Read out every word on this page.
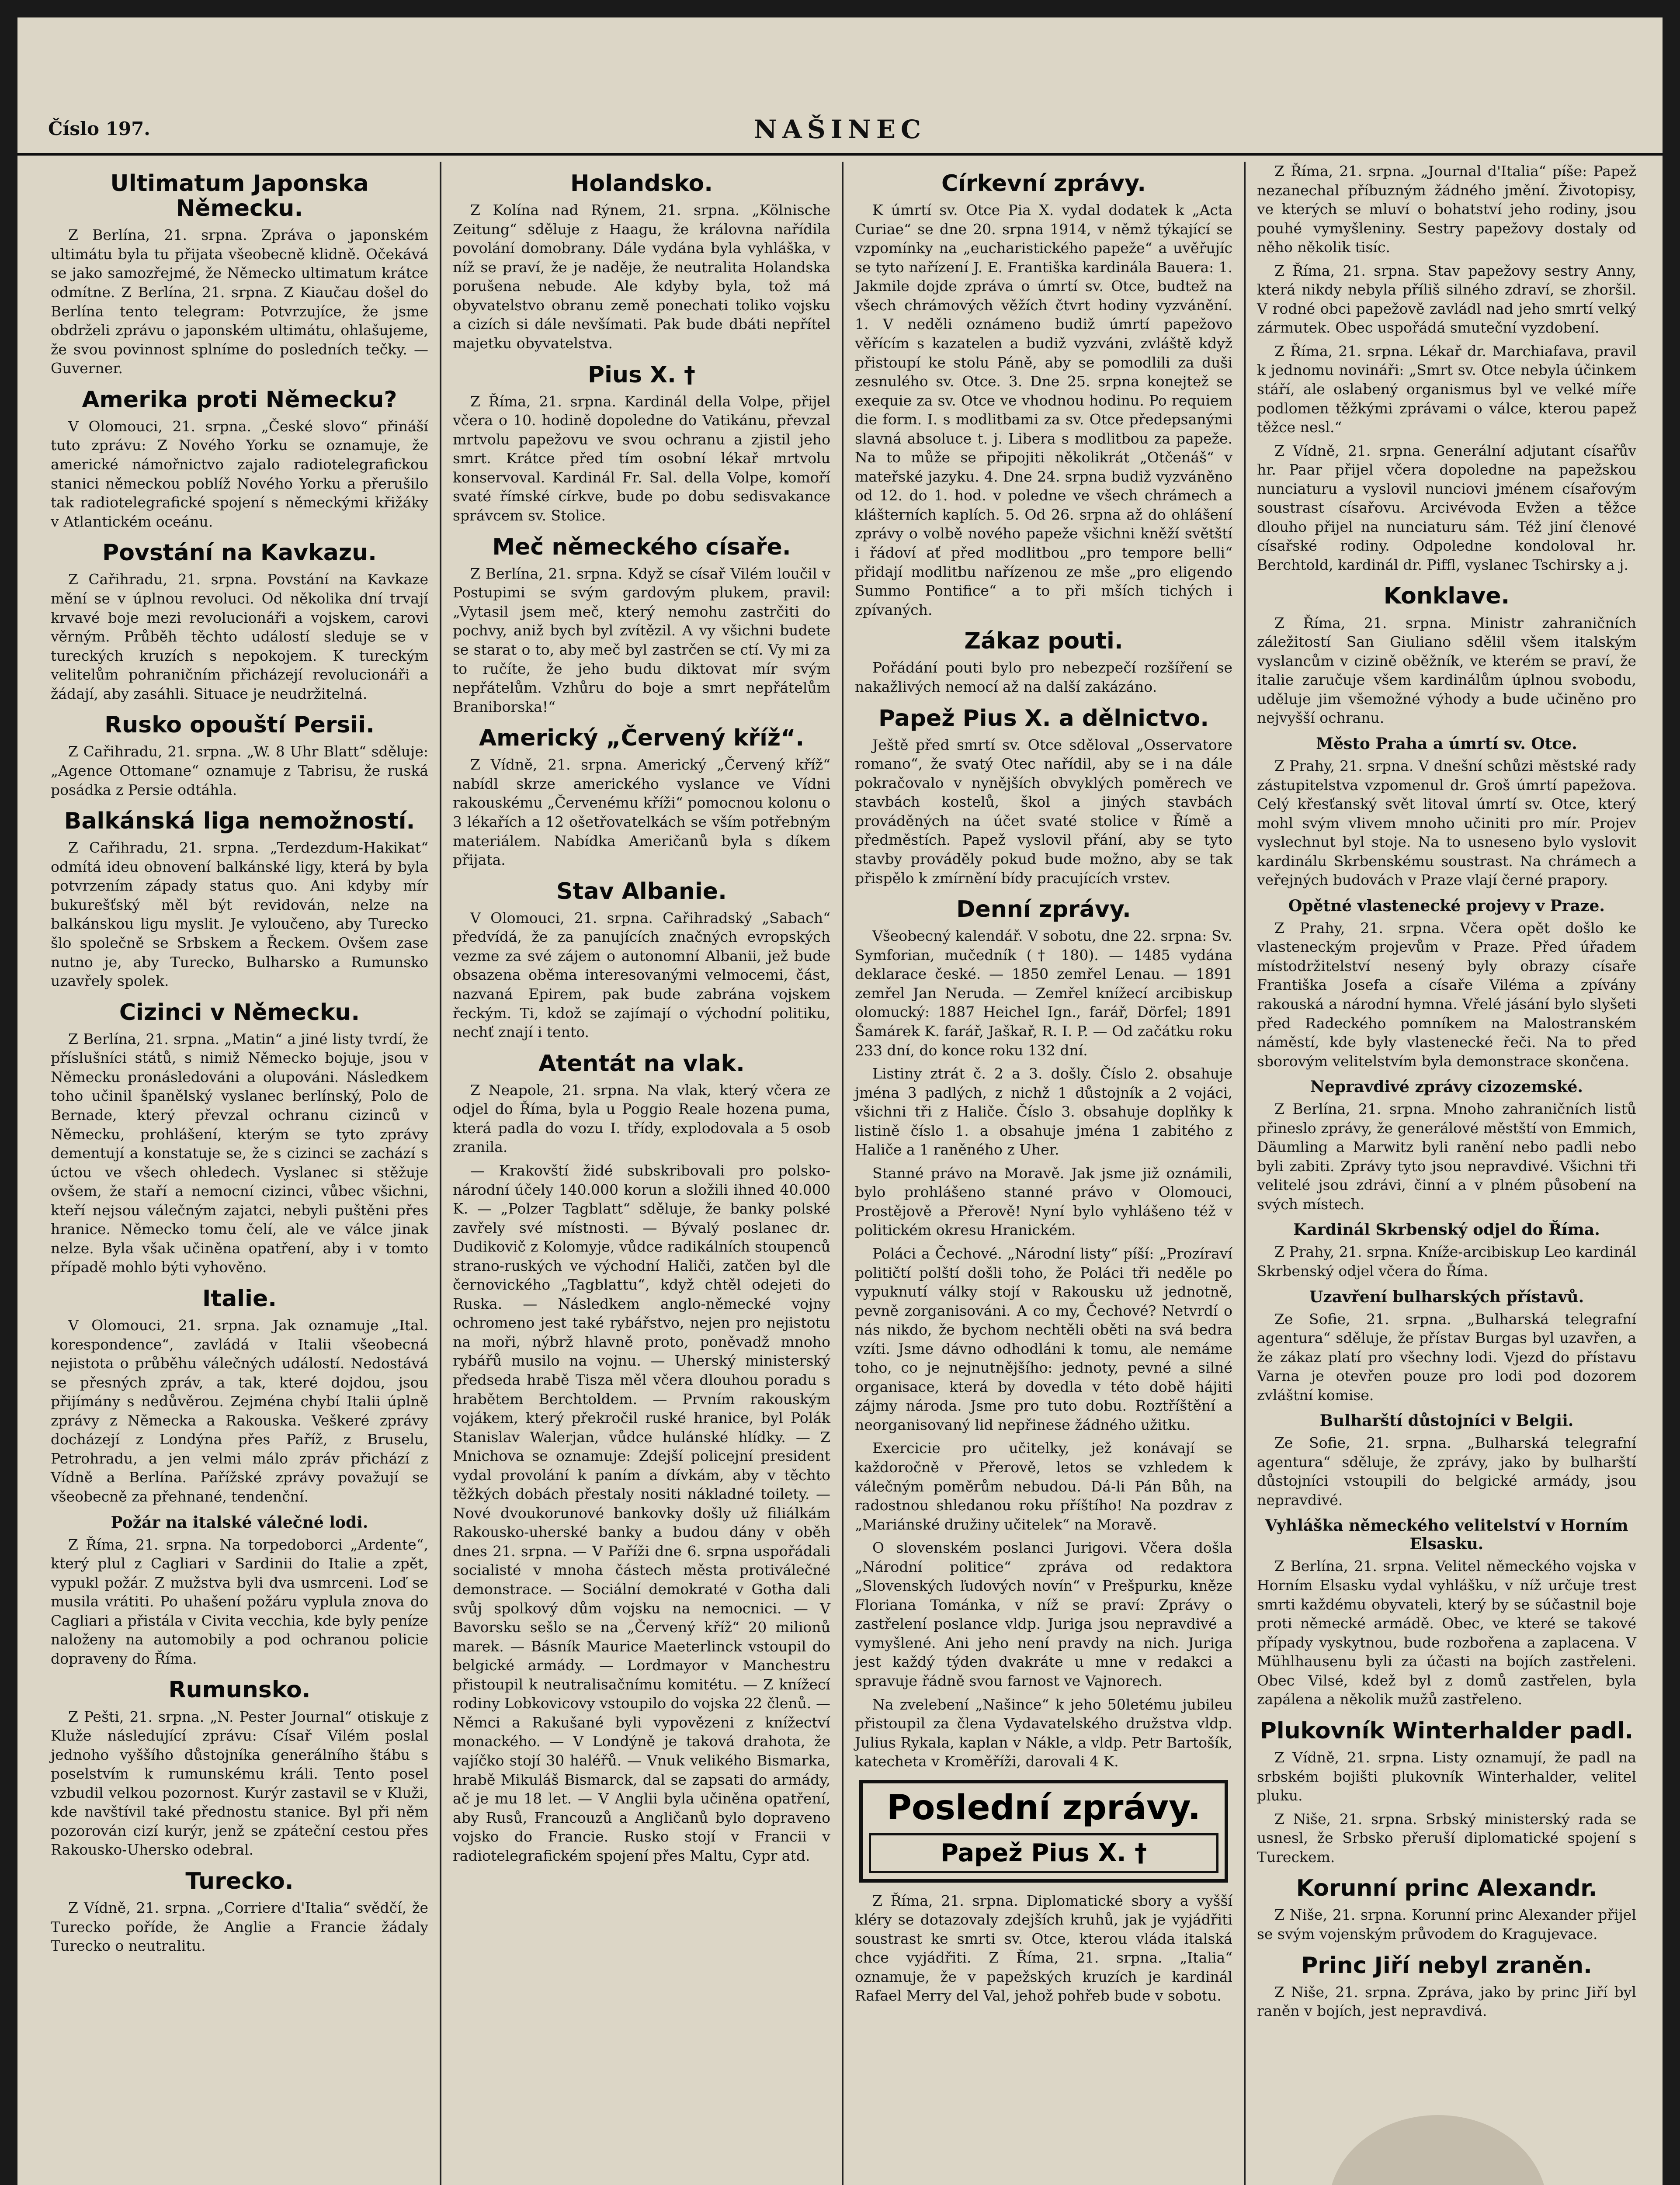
Číslo 197.	NAŠINEC
Ultimatum Japonska Německu.

Z Berlína, 21. srpna. Zpráva o japonském ultimátu byla tu přijata všeobecně klidně. Očekává se jako samozřejmé, že Německo ultimatum krátce odmítne. Z Berlína, 21. srpna. Z Kiaučau došel do Berlína tento telegram: Potvrzujíce, že jsme obdrželi zprávu o japonském ultimátu, ohlašujeme, že svou povinnost splníme do posledních tečky. — Guverner.

Amerika proti Německu?

V Olomouci, 21. srpna. „České slovo“ přináší tuto zprávu: Z Nového Yorku se oznamuje, že americké námořnictvo zajalo radiotelegrafickou stanici německou poblíž Nového Yorku a přerušilo tak radiotelegrafické spojení s německými křižáky v Atlantickém oceánu.

Povstání na Kavkazu.

Z Cařihradu, 21. srpna. Povstání na Kavkaze mění se v úplnou revoluci. Od několika dní trvají krvavé boje mezi revolucionáři a vojskem, carovi věrným. Průběh těchto událostí sleduje se v tureckých kruzích s nepokojem. K tureckým velitelům pohraničním přicházejí revolucionáři a žádají, aby zasáhli. Situace je neudržitelná.

Rusko opouští Persii.

Z Cařihradu, 21. srpna. „W. 8 Uhr Blatt“ sděluje: „Agence Ottomane“ oznamuje z Tabrisu, že ruská posádka z Persie odtáhla.

Balkánská liga nemožností.

Z Cařihradu, 21. srpna. „Terdezdum-Hakikat“ odmítá ideu obnovení balkánské ligy, která by byla potvrzením západy status quo. Ani kdyby mír bukurešťský měl být revidován, nelze na balkánskou ligu myslit. Je vyloučeno, aby Turecko šlo společně se Srbskem a Řeckem. Ovšem zase nutno je, aby Turecko, Bulharsko a Rumunsko uzavřely spolek.

Cizinci v Německu.

Z Berlína, 21. srpna. „Matin“ a jiné listy tvrdí, že příslušníci států, s nimiž Německo bojuje, jsou v Německu pronásledováni a olupováni. Následkem toho učinil španělský vyslanec berlínský, Polo de Bernade, který převzal ochranu cizinců v Německu, prohlášení, kterým se tyto zprávy dementují a konstatuje se, že s cizinci se zachází s úctou ve všech ohledech. Vyslanec si stěžuje ovšem, že staří a nemocní cizinci, vůbec všichni, kteří nejsou válečným zajatci, nebyli puštěni přes hranice. Německo tomu čelí, ale ve válce jinak nelze. Byla však učiněna opatření, aby i v tomto případě mohlo býti vyhověno.

Italie.

V Olomouci, 21. srpna. Jak oznamuje „Ital. korespondence“, zavládá v Italii všeobecná nejistota o průběhu válečných událostí. Nedostává se přesných zpráv, a tak, které dojdou, jsou přijímány s nedůvěrou. Zejména chybí Italii úplně zprávy z Německa a Rakouska. Veškeré zprávy docházejí z Londýna přes Paříž, z Bruselu, Petrohradu, a jen velmi málo zpráv přichází z Vídně a Berlína. Pařížské zprávy považují se všeobecně za přehnané, tendenční.

Požár na italské válečné lodi.

Z Říma, 21. srpna. Na torpedoborci „Ardente“, který plul z Cagliari v Sardinii do Italie a zpět, vypukl požár. Z mužstva byli dva usmrceni. Loď se musila vrátiti. Po uhašení požáru vyplula znova do Cagliari a přistála v Civita vecchia, kde byly peníze naloženy na automobily a pod ochranou policie dopraveny do Říma.

Rumunsko.

Z Pešti, 21. srpna. „N. Pester Journal“ otiskuje z Kluže následující zprávu: Císař Vilém poslal jednoho vyššího důstojníka generálního štábu s poselstvím k rumunskému králi. Tento posel vzbudil velkou pozornost. Kurýr zastavil se v Kluži, kde navštívil také přednostu stanice. Byl při něm pozorován cizí kurýr, jenž se zpáteční cestou přes Rakousko-Uhersko odebral.

Turecko.

Z Vídně, 21. srpna. „Corriere d'Italia“ svědčí, že Turecko poříde, že Anglie a Francie žádaly Turecko o neutralitu.

Holandsko.

Z Kolína nad Rýnem, 21. srpna. „Kölnische Zeitung“ sděluje z Haagu, že královna nařídila povolání domobrany. Dále vydána byla vyhláška, v níž se praví, že je naděje, že neutralita Holandska porušena nebude. Ale kdyby byla, tož má obyvatelstvo obranu země ponechati toliko vojsku a cizích si dále nevšímati. Pak bude dbáti nepřítel majetku obyvatelstva.

Pius X. †

Z Říma, 21. srpna. Kardinál della Volpe, přijel včera o 10. hodině dopoledne do Vatikánu, převzal mrtvolu papežovu ve svou ochranu a zjistil jeho smrt. Krátce před tím osobní lékař mrtvolu konservoval. Kardinál Fr. Sal. della Volpe, komoří svaté římské církve, bude po dobu sedisvakance správcem sv. Stolice.

Meč německého císaře.

Z Berlína, 21. srpna. Když se císař Vilém loučil v Postupimi se svým gardovým plukem, pravil: „Vytasil jsem meč, který nemohu zastrčiti do pochvy, aniž bych byl zvítězil. A vy všichni budete se starat o to, aby meč byl zastrčen se ctí. Vy mi za to ručíte, že jeho budu diktovat mír svým nepřátelům. Vzhůru do boje a smrt nepřátelům Braniborska!“

Americký „Červený kříž“.

Z Vídně, 21. srpna. Americký „Červený kříž“ nabídl skrze amerického vyslance ve Vídni rakouskému „Červenému kříži“ pomocnou kolonu o 3 lékařích a 12 ošetřovatelkách se vším potřebným materiálem. Nabídka Američanů byla s díkem přijata.

Stav Albanie.

V Olomouci, 21. srpna. Cařihradský „Sabach“ předvídá, že za panujících značných evropských vezme za své zájem o autonomní Albanii, jež bude obsazena oběma interesovanými velmocemi, část, nazvaná Epirem, pak bude zabrána vojskem řeckým. Ti, kdož se zajímají o východní politiku, nechť znají i tento.

Atentát na vlak.

Z Neapole, 21. srpna. Na vlak, který včera ze odjel do Říma, byla u Poggio Reale hozena puma, která padla do vozu I. třídy, explodovala a 5 osob zranila.

— Krakovští židé subskribovali pro polsko-národní účely 140.000 korun a složili ihned 40.000 K. — „Polzer Tagblatt“ sděluje, že banky polské zavřely své místnosti. — Bývalý poslanec dr. Dudikovič z Kolomyje, vůdce radikálních stoupenců strano-ruských ve východní Haliči, zatčen byl dle černovického „Tagblattu“, když chtěl odejeti do Ruska. — Následkem anglo-německé vojny ochromeno jest také rybářstvo, nejen pro nejistotu na moři, nýbrž hlavně proto, poněvadž mnoho rybářů musilo na vojnu. — Uherský ministerský předseda hrabě Tisza měl včera dlouhou poradu s hrabětem Berchtoldem. — Prvním rakouským vojákem, který překročil ruské hranice, byl Polák Stanislav Walerjan, vůdce hulánské hlídky. — Z Mnichova se oznamuje: Zdejší policejní president vydal provolání k paním a dívkám, aby v těchto těžkých dobách přestaly nositi nákladné toilety. — Nové dvoukorunové bankovky došly už filiálkám Rakousko-uherské banky a budou dány v oběh dnes 21. srpna. — V Paříži dne 6. srpna uspořádali socialisté v mnoha částech města protiválečné demonstrace. — Sociální demokraté v Gotha dali svůj spolkový dům vojsku na nemocnici. — V Bavorsku sešlo se na „Červený kříž“ 20 milionů marek. — Básník Maurice Maeterlinck vstoupil do belgické armády. — Lordmayor v Manchestru přistoupil k neutralisačnímu komitétu. — Z knížecí rodiny Lobkovicovy vstoupilo do vojska 22 členů. — Němci a Rakušané byli vypovězeni z knížectví monackého. — V Londýně je taková drahota, že vajíčko stojí 30 haléřů. — Vnuk velikého Bismarka, hrabě Mikuláš Bismarck, dal se zapsati do armády, ač je mu 18 let. — V Anglii byla učiněna opatření, aby Rusů, Francouzů a Angličanů bylo dopraveno vojsko do Francie. Rusko stojí v Francii v radiotelegrafickém spojení přes Maltu, Cypr atd.

Církevní zprávy.

K úmrtí sv. Otce Pia X. vydal dodatek k „Acta Curiae“ se dne 20. srpna 1914, v němž týkající se vzpomínky na „eucharistického papeže“ a uvěřujíc se tyto nařízení J. E. Františka kardinála Bauera: 1. Jakmile dojde zpráva o úmrtí sv. Otce, budtež na všech chrámových věžích čtvrt hodiny vyzvánění. 1. V neděli oznámeno budiž úmrtí papežovo věřícím s kazatelen a budiž vyzváni, zvláště když přistoupí ke stolu Páně, aby se pomodlili za duši zesnulého sv. Otce. 3. Dne 25. srpna konejtež se exequie za sv. Otce ve vhodnou hodinu. Po requiem die form. I. s modlitbami za sv. Otce předepsanými slavná absoluce t. j. Libera s modlitbou za papeže. Na to může se připojiti několikrát „Otčenáš“ v mateřské jazyku. 4. Dne 24. srpna budiž vyzváněno od 12. do 1. hod. v poledne ve všech chrámech a klášterních kaplích. 5. Od 26. srpna až do ohlášení zprávy o volbě nového papeže všichni kněží světští i řádoví ať před modlitbou „pro tempore belli“ přidají modlitbu nařízenou ze mše „pro eligendo Summo Pontifice“ a to při mších tichých i zpívaných.

Zákaz pouti.

Pořádání pouti bylo pro nebezpečí rozšíření se nakažlivých nemocí až na další zakázáno.

Papež Pius X. a dělnictvo.

Ještě před smrtí sv. Otce sděloval „Osservatore romano“, že svatý Otec nařídil, aby se i na dále pokračovalo v nynějších obvyklých poměrech ve stavbách kostelů, škol a jiných stavbách prováděných na účet svaté stolice v Římě a předměstích. Papež vyslovil přání, aby se tyto stavby prováděly pokud bude možno, aby se tak přispělo k zmírnění bídy pracujících vrstev.

Denní zprávy.

Všeobecný kalendář. V sobotu, dne 22. srpna: Sv. Symforian, mučedník († 180). — 1485 vydána deklarace české. — 1850 zemřel Lenau. — 1891 zemřel Jan Neruda. — Zemřel knížecí arcibiskup olomucký: 1887 Heichel Ign., farář, Dörfel; 1891 Šamárek K. farář, Jaškař, R. I. P. — Od začátku roku 233 dní, do konce roku 132 dní.

Listiny ztrát č. 2 a 3. došly. Číslo 2. obsahuje jména 3 padlých, z nichž 1 důstojník a 2 vojáci, všichni tři z Haliče. Číslo 3. obsahuje doplňky k listině číslo 1. a obsahuje jména 1 zabitého z Haliče a 1 raněného z Uher.

Stanné právo na Moravě. Jak jsme již oznámili, bylo prohlášeno stanné právo v Olomouci, Prostějově a Přerově! Nyní bylo vyhlášeno též v politickém okresu Hranickém.

Poláci a Čechové. „Národní listy“ píší: „Prozíraví političtí polští došli toho, že Poláci tři neděle po vypuknutí války stojí v Rakousku už jednotně, pevně zorganisováni. A co my, Čechové? Netvrdí o nás nikdo, že bychom nechtěli oběti na svá bedra vzíti. Jsme dávno odhodláni k tomu, ale nemáme toho, co je nejnutnějšího: jednoty, pevné a silné organisace, která by dovedla v této době hájiti zájmy národa. Jsme pro tuto dobu. Roztříštění a neorganisovaný lid nepřinese žádného užitku.

Exercicie pro učitelky, jež konávají se každoročně v Přerově, letos se vzhledem k válečným poměrům nebudou. Dá-li Pán Bůh, na radostnou shledanou roku příštího! Na pozdrav z „Mariánské družiny učitelek“ na Moravě.

O slovenském poslanci Jurigovi. Včera došla „Národní politice“ zpráva od redaktora „Slovenských ľudových novín“ v Prešpurku, kněze Floriana Tománka, v níž se praví: Zprávy o zastřelení poslance vldp. Juriga jsou nepravdivé a vymyšlené. Ani jeho není pravdy na nich. Juriga jest každý týden dvakráte u mne v redakci a spravuje řádně svou farnost ve Vajnorech.

Na zvelebení „Našince“ k jeho 50letému jubileu přistoupil za člena Vydavatelského družstva vldp. Julius Rykala, kaplan v Nákle, a vldp. Petr Bartošík, katecheta v Kroměříži, darovali 4 K.

Poslední zprávy.
Papež Pius X. †

Z Říma, 21. srpna. Diplomatické sbory a vyšší kléry se dotazovaly zdejších kruhů, jak je vyjádřiti soustrast ke smrti sv. Otce, kterou vláda italská chce vyjádřiti. Z Říma, 21. srpna. „Italia“ oznamuje, že v papežských kruzích je kardinál Rafael Merry del Val, jehož pohřeb bude v sobotu.

Z Říma, 21. srpna. „Journal d'Italia“ píše: Papež nezanechal příbuzným žádného jmění. Životopisy, ve kterých se mluví o bohatství jeho rodiny, jsou pouhé vymyšleniny. Sestry papežovy dostaly od něho několik tisíc.

Z Říma, 21. srpna. Stav papežovy sestry Anny, která nikdy nebyla příliš silného zdraví, se zhoršil. V rodné obci papežově zavládl nad jeho smrtí velký zármutek. Obec uspořádá smuteční vyzdobení.

Z Říma, 21. srpna. Lékař dr. Marchiafava, pravil k jednomu novináři: „Smrt sv. Otce nebyla účinkem stáří, ale oslabený organismus byl ve velké míře podlomen těžkými zprávami o válce, kterou papež těžce nesl.“

Z Vídně, 21. srpna. Generální adjutant císařův hr. Paar přijel včera dopoledne na papežskou nunciaturu a vyslovil nunciovi jménem císařovým soustrast císařovu. Arcivévoda Evžen a těžce dlouho přijel na nunciaturu sám. Též jiní členové císařské rodiny. Odpoledne kondoloval hr. Berchtold, kardinál dr. Piffl, vyslanec Tschirsky a j.

Konklave.

Z Říma, 21. srpna. Ministr zahraničních záležitostí San Giuliano sdělil všem italským vyslancům v cizině oběžník, ve kterém se praví, že italie zaručuje všem kardinálům úplnou svobodu, uděluje jim všemožné výhody a bude učiněno pro nejvyšší ochranu.

Město Praha a úmrtí sv. Otce.

Z Prahy, 21. srpna. V dnešní schůzi městské rady zástupitelstva vzpomenul dr. Groš úmrtí papežova. Celý křesťanský svět litoval úmrtí sv. Otce, který mohl svým vlivem mnoho učiniti pro mír. Projev vyslechnut byl stoje. Na to usneseno bylo vyslovit kardinálu Skrbenskému soustrast. Na chrámech a veřejných budovách v Praze vlají černé prapory.

Opětné vlastenecké projevy v Praze.

Z Prahy, 21. srpna. Včera opět došlo ke vlasteneckým projevům v Praze. Před úřadem místodržitelství nesený byly obrazy císaře Františka Josefa a císaře Viléma a zpívány rakouská a národní hymna. Vřelé jásání bylo slyšeti před Radeckého pomníkem na Malostranském náměstí, kde byly vlastenecké řeči. Na to před sborovým velitelstvím byla demonstrace skončena.

Nepravdivé zprávy cizozemské.

Z Berlína, 21. srpna. Mnoho zahraničních listů přineslo zprávy, že generálové městští von Emmich, Däumling a Marwitz byli ranění nebo padli nebo byli zabiti. Zprávy tyto jsou nepravdivé. Všichni tři velitelé jsou zdrávi, činní a v plném působení na svých místech.

Kardinál Skrbenský odjel do Říma.

Z Prahy, 21. srpna. Kníže-arcibiskup Leo kardinál Skrbenský odjel včera do Říma.

Uzavření bulharských přístavů.

Ze Sofie, 21. srpna. „Bulharská telegrafní agentura“ sděluje, že přístav Burgas byl uzavřen, a že zákaz platí pro všechny lodi. Vjezd do přístavu Varna je otevřen pouze pro lodi pod dozorem zvláštní komise.

Bulharští důstojníci v Belgii.

Ze Sofie, 21. srpna. „Bulharská telegrafní agentura“ sděluje, že zprávy, jako by bulharští důstojníci vstoupili do belgické armády, jsou nepravdivé.

Vyhláška německého velitelství v Horním Elsasku.

Z Berlína, 21. srpna. Velitel německého vojska v Horním Elsasku vydal vyhlášku, v níž určuje trest smrti každému obyvateli, který by se súčastnil boje proti německé armádě. Obec, ve které se takové případy vyskytnou, bude rozbořena a zaplacena. V Mühlhausenu byli za účasti na bojích zastřeleni. Obec Vilsé, kdež byl z domů zastřelen, byla zapálena a několik mužů zastřeleno.

Plukovník Winterhalder padl.

Z Vídně, 21. srpna. Listy oznamují, že padl na srbském bojišti plukovník Winterhalder, velitel pluku.

Z Niše, 21. srpna. Srbský ministerský rada se usnesl, že Srbsko přeruší diplomatické spojení s Tureckem.

Korunní princ Alexandr.

Z Niše, 21. srpna. Korunní princ Alexander přijel se svým vojenským průvodem do Kragujevace.

Princ Jiří nebyl zraněn.

Z Niše, 21. srpna. Zpráva, jako by princ Jiří byl raněn v bojích, jest nepravdivá.
